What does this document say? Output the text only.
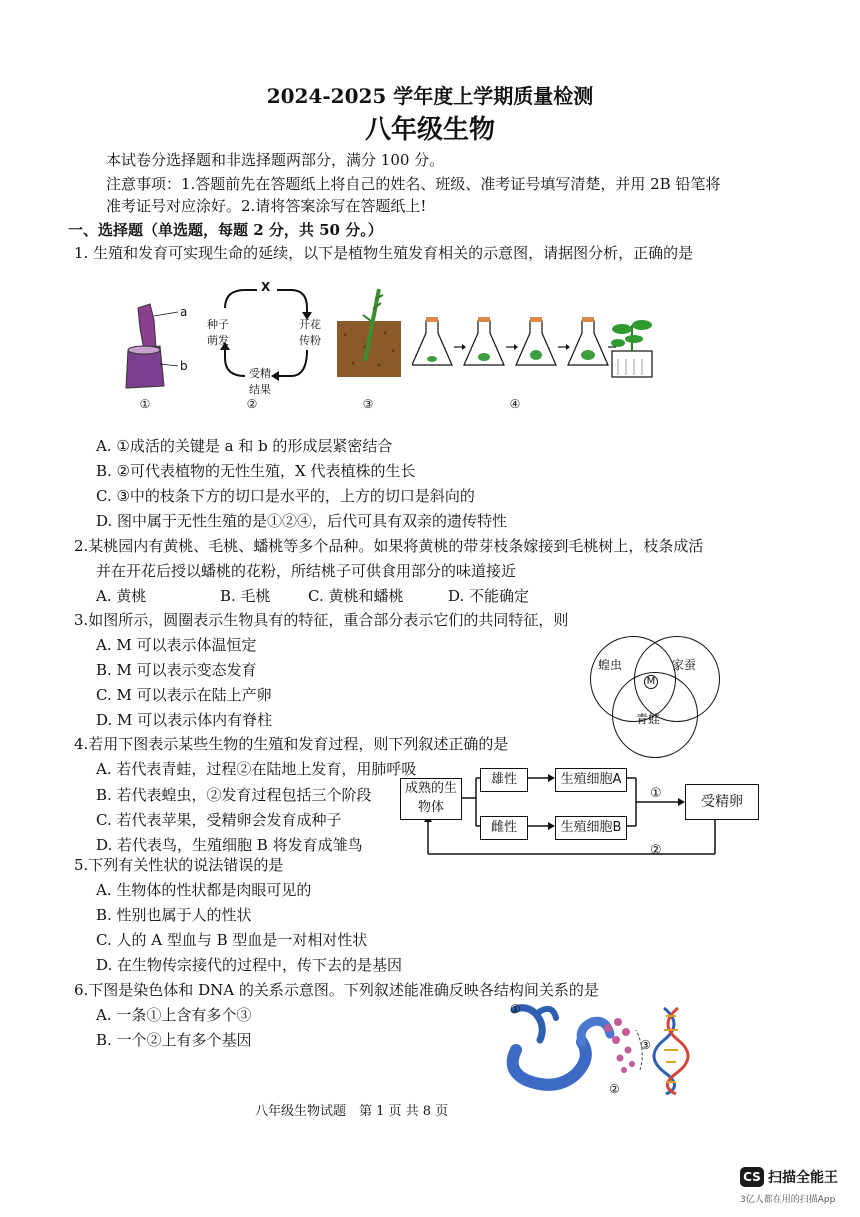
2024-2025 学年度上学期质量检测
八年级生物
本试卷分选择题和非选择题两部分，满分 100 分。
注意事项：1.答题前先在答题纸上将自己的姓名、班级、准考证号填写清楚，并用 2B 铅笔将
准考证号对应涂好。2.请将答案涂写在答题纸上!
一、选择题（单选题，每题 2 分，共 50 分。）
1. 生殖和发育可实现生命的延续，以下是植物生殖发育相关的示意图，请据图分析，正确的是
a
b
X
种子萌发
开花传粉
受精结果
①	②	③	④
A. ①成活的关键是 a 和 b 的形成层紧密结合
B. ②可代表植物的无性生殖，X 代表植株的生长
C. ③中的枝条下方的切口是水平的，上方的切口是斜向的
D. 图中属于无性生殖的是①②④，后代可具有双亲的遗传特性
2.某桃园内有黄桃、毛桃、蟠桃等多个品种。如果将黄桃的带芽枝条嫁接到毛桃树上，枝条成活
并在开花后授以蟠桃的花粉，所结桃子可供食用部分的味道接近
A. 黄桃	B. 毛桃 C. 黄桃和蟠桃	D. 不能确定
3.如图所示，圆圈表示生物具有的特征，重合部分表示它们的共同特征，则
A. M 可以表示体温恒定
B. M 可以表示变态发育
C. M 可以表示在陆上产卵
D. M 可以表示体内有脊柱
蝗虫	家蚕
青蛙
M
4.若用下图表示某些生物的生殖和发育过程，则下列叙述正确的是
A. 若代表青蛙，过程②在陆地上发育，用肺呼吸
B. 若代表蝗虫，②发育过程包括三个阶段
C. 若代表苹果，受精卵会发育成种子
D. 若代表鸟，生殖细胞 B 将发育成雏鸟
成熟的生物体
雄性
雌性
生殖细胞A
生殖细胞B
受精卵
①
②
5.下列有关性状的说法错误的是
A. 生物体的性状都是肉眼可见的
B. 性别也属于人的性状
C. 人的 A 型血与 B 型血是一对相对性状
D. 在生物传宗接代的过程中，传下去的是基因
6.下图是染色体和 DNA 的关系示意图。下列叙述能准确反映各结构间关系的是
A. 一条①上含有多个③
B. 一个②上有多个基因
①
②
③
八年级生物试题　第 1 页 共 8 页
CS 扫描全能王
3亿人都在用的扫描App
